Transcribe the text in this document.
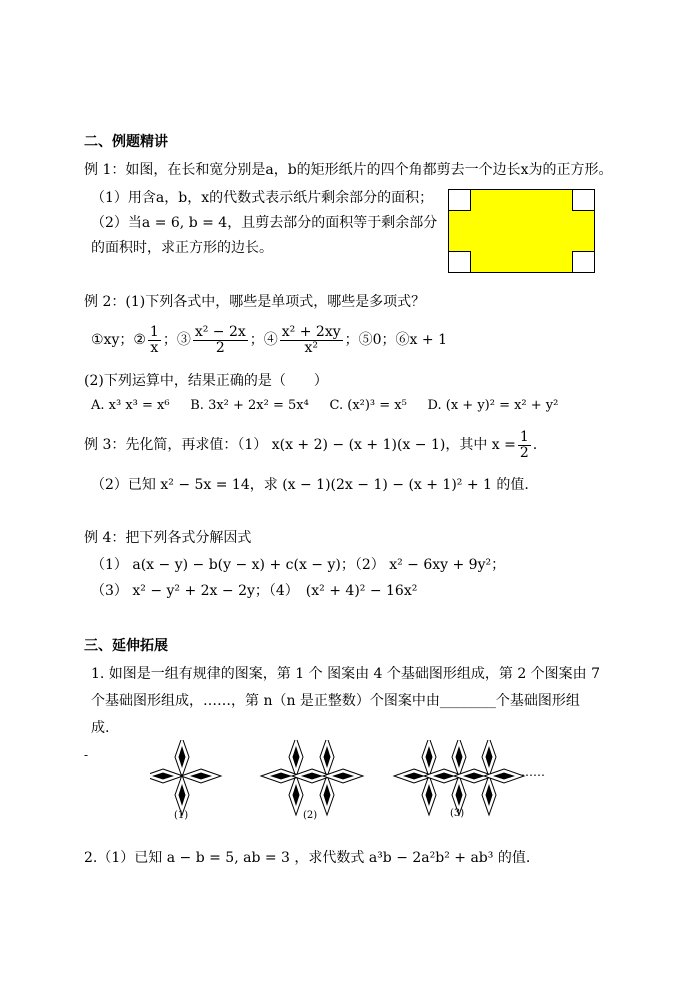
二、例题精讲
例 1：如图，在长和宽分别是a，b的矩形纸片的四个角都剪去一个边长x为的正方形。
（1）用含a，b，x的代数式表示纸片剩余部分的面积；
（2）当a = 6, b = 4，且剪去部分的面积等于剩余部分
的面积时，求正方形的边长。
例 2：(1)下列各式中，哪些是单项式，哪些是多项式？
①xy；② $\frac{1}{x}$ ；③ $\frac{\text{x² − 2x}}{2}$ ；④ $\frac{\text{x² + 2xy}}{\text{x²}}$ ；⑤0；⑥x + 1
(2)下列运算中，结果正确的是（　　）
A. x³ x³ = x⁶ B. 3x² + 2x² = 5x⁴ C. (x²)³ = x⁵ D. (x + y)² = x² + y²
例 3：先化简，再求值：（1） x(x + 2) − (x + 1)(x − 1)，其中 $x = \frac{1}{2}$ .
（2）已知 x² − 5x = 14，求 (x − 1)(2x − 1) − (x + 1)² + 1 的值.
例 4：把下列各式分解因式
（1） a(x − y) − b(y − x) + c(x − y)；（2） x² − 6xy + 9y²；
（3） x² − y² + 2x − 2y；（4）　(x² + 4)² − 16x²
三、延伸拓展
1. 如图是一组有规律的图案，第 1 个 图案由 4 个基础图形组成，第 2 个图案由 7
个基础图形组成，……，第 n（n 是正整数）个图案中由________个基础图形组
成.
-
……
(1)	(2)	(3)
2.（1）已知 a − b = 5, ab = 3 ，求代数式 a³b − 2a²b² + ab³ 的值.
